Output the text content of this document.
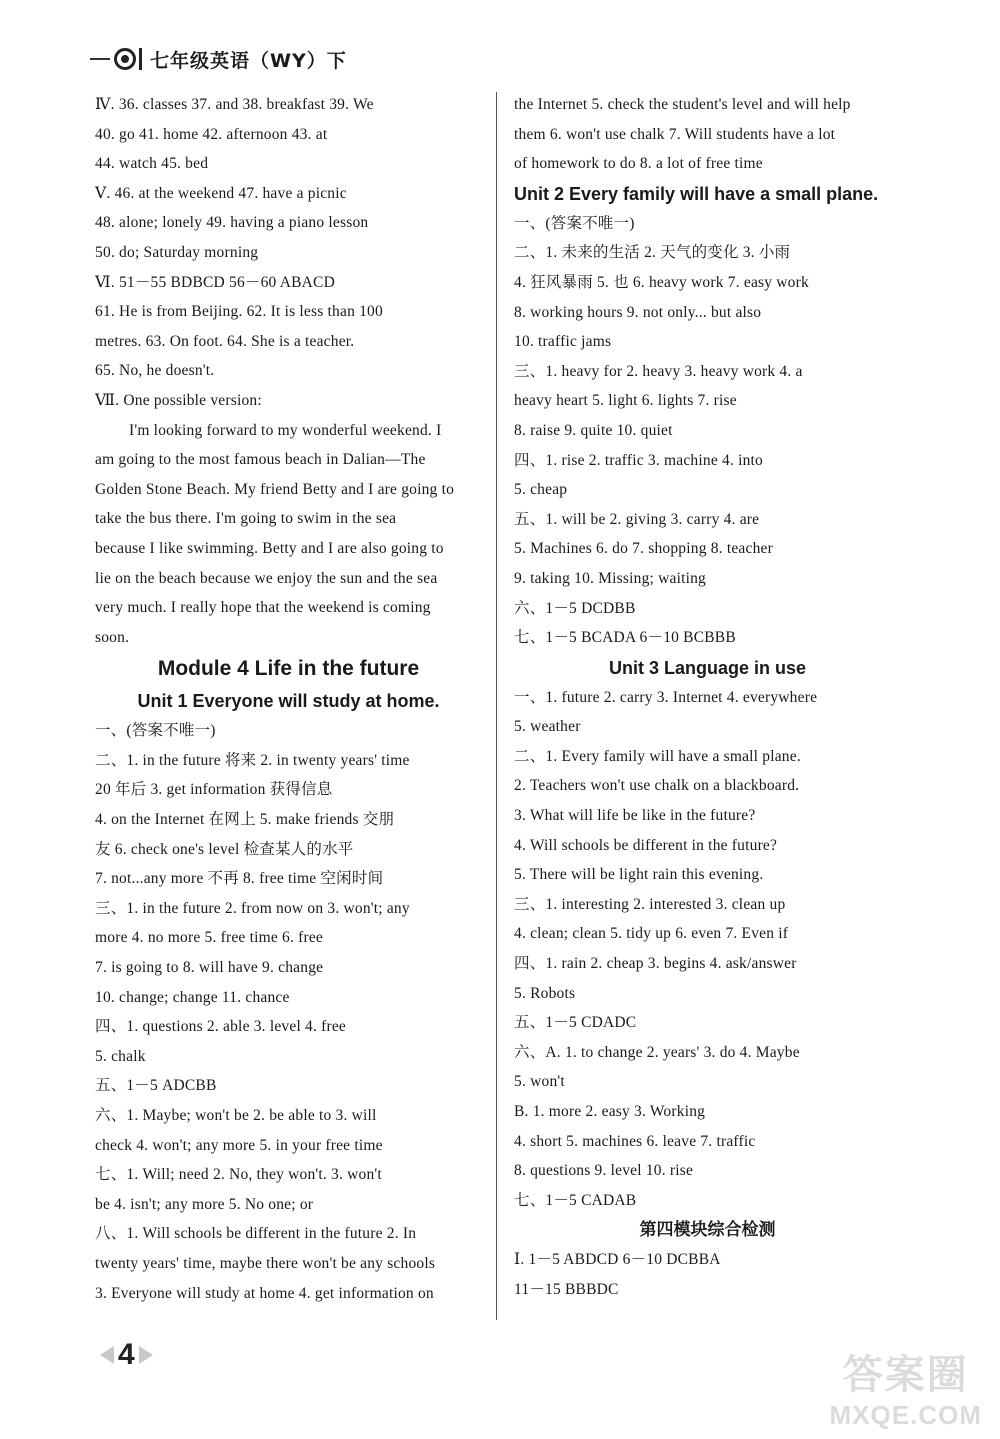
七年级英语（WY）下
Ⅳ. 36. classes 37. and 38. breakfast 39. We
40. go 41. home 42. afternoon 43. at
44. watch 45. bed
Ⅴ. 46. at the weekend 47. have a picnic
48. alone; lonely 49. having a piano lesson
50. do; Saturday morning
Ⅵ. 51－55 BDBCD 56－60 ABACD
61. He is from Beijing. 62. It is less than 100
metres. 63. On foot. 64. She is a teacher.
65. No, he doesn't.
Ⅶ. One possible version:
I'm looking forward to my wonderful weekend. I
am going to the most famous beach in Dalian—The
Golden Stone Beach. My friend Betty and I are going to
take the bus there. I'm going to swim in the sea
because I like swimming. Betty and I are also going to
lie on the beach because we enjoy the sun and the sea
very much. I really hope that the weekend is coming
soon.
Module 4 Life in the future
Unit 1 Everyone will study at home.
一、(答案不唯一)
二、1. in the future 将来 2. in twenty years' time
20 年后 3. get information 获得信息
4. on the Internet 在网上 5. make friends 交朋
友 6. check one's level 检查某人的水平
7. not...any more 不再 8. free time 空闲时间
三、1. in the future 2. from now on 3. won't; any
more 4. no more 5. free time 6. free
7. is going to 8. will have 9. change
10. change; change 11. chance
四、1. questions 2. able 3. level 4. free
5. chalk
五、1－5 ADCBB
六、1. Maybe; won't be 2. be able to 3. will
check 4. won't; any more 5. in your free time
七、1. Will; need 2. No, they won't. 3. won't
be 4. isn't; any more 5. No one; or
八、1. Will schools be different in the future 2. In
twenty years' time, maybe there won't be any schools
3. Everyone will study at home 4. get information on
the Internet 5. check the student's level and will help
them 6. won't use chalk 7. Will students have a lot
of homework to do 8. a lot of free time
Unit 2 Every family will have a small plane.
一、(答案不唯一)
二、1. 未来的生活 2. 天气的变化 3. 小雨
4. 狂风暴雨 5. 也 6. heavy work 7. easy work
8. working hours 9. not only... but also
10. traffic jams
三、1. heavy for 2. heavy 3. heavy work 4. a
heavy heart 5. light 6. lights 7. rise
8. raise 9. quite 10. quiet
四、1. rise 2. traffic 3. machine 4. into
5. cheap
五、1. will be 2. giving 3. carry 4. are
5. Machines 6. do 7. shopping 8. teacher
9. taking 10. Missing; waiting
六、1－5 DCDBB
七、1－5 BCADA 6－10 BCBBB
Unit 3 Language in use
一、1. future 2. carry 3. Internet 4. everywhere
5. weather
二、1. Every family will have a small plane.
2. Teachers won't use chalk on a blackboard.
3. What will life be like in the future?
4. Will schools be different in the future?
5. There will be light rain this evening.
三、1. interesting 2. interested 3. clean up
4. clean; clean 5. tidy up 6. even 7. Even if
四、1. rain 2. cheap 3. begins 4. ask/answer
5. Robots
五、1－5 CDADC
六、A. 1. to change 2. years' 3. do 4. Maybe
5. won't
B. 1. more 2. easy 3. Working
4. short 5. machines 6. leave 7. traffic
8. questions 9. level 10. rise
七、1－5 CADAB
第四模块综合检测
Ⅰ. 1－5 ABDCD 6－10 DCBBA
11－15 BBBDC
4	答案圈
MXQE.COM
